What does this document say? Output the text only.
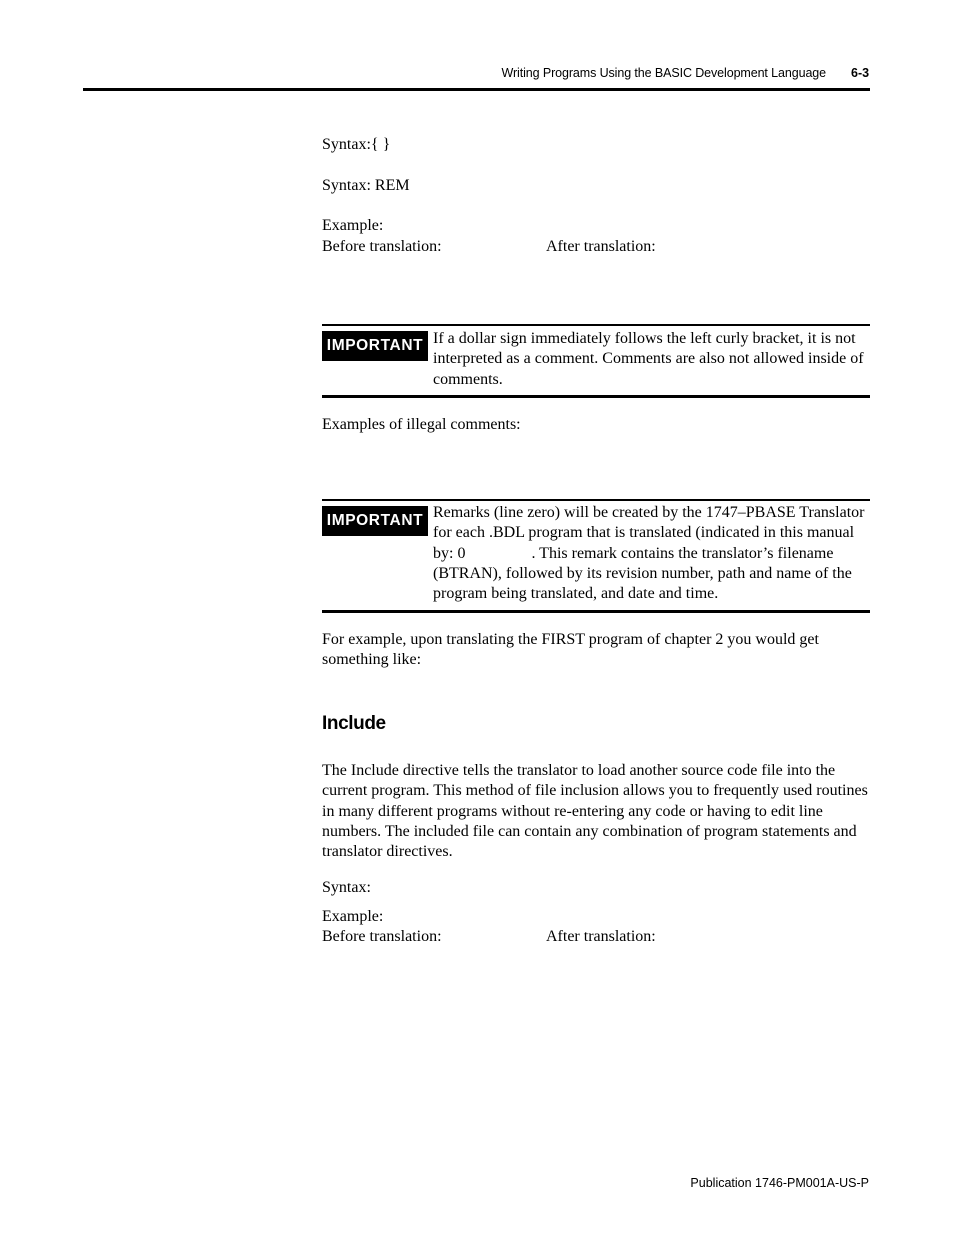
Writing Programs Using the BASIC Development Language 6-3
Syntax:{ }
Syntax: REM
Example:
Before translation:	After translation:
IMPORTANT If a dollar sign immediately follows the left curly bracket, it is not interpreted as a comment. Comments are also not allowed inside of comments.
Examples of illegal comments:
IMPORTANT Remarks (line zero) will be created by the 1747–PBASE Translator for each .BDL program that is translated (indicated in this manual by: 0	. This remark contains the translator’s filename (BTRAN), followed by its revision number, path and name of the program being translated, and date and time.
For example, upon translating the FIRST program of chapter 2 you would get something like:
Include
The Include directive tells the translator to load another source code file into the current program. This method of file inclusion allows you to frequently used routines in many different programs without re-entering any code or having to edit line numbers. The included file can contain any combination of program statements and translator directives.
Syntax:
Example:
Before translation:	After translation:
Publication 1746-PM001A-US-P
